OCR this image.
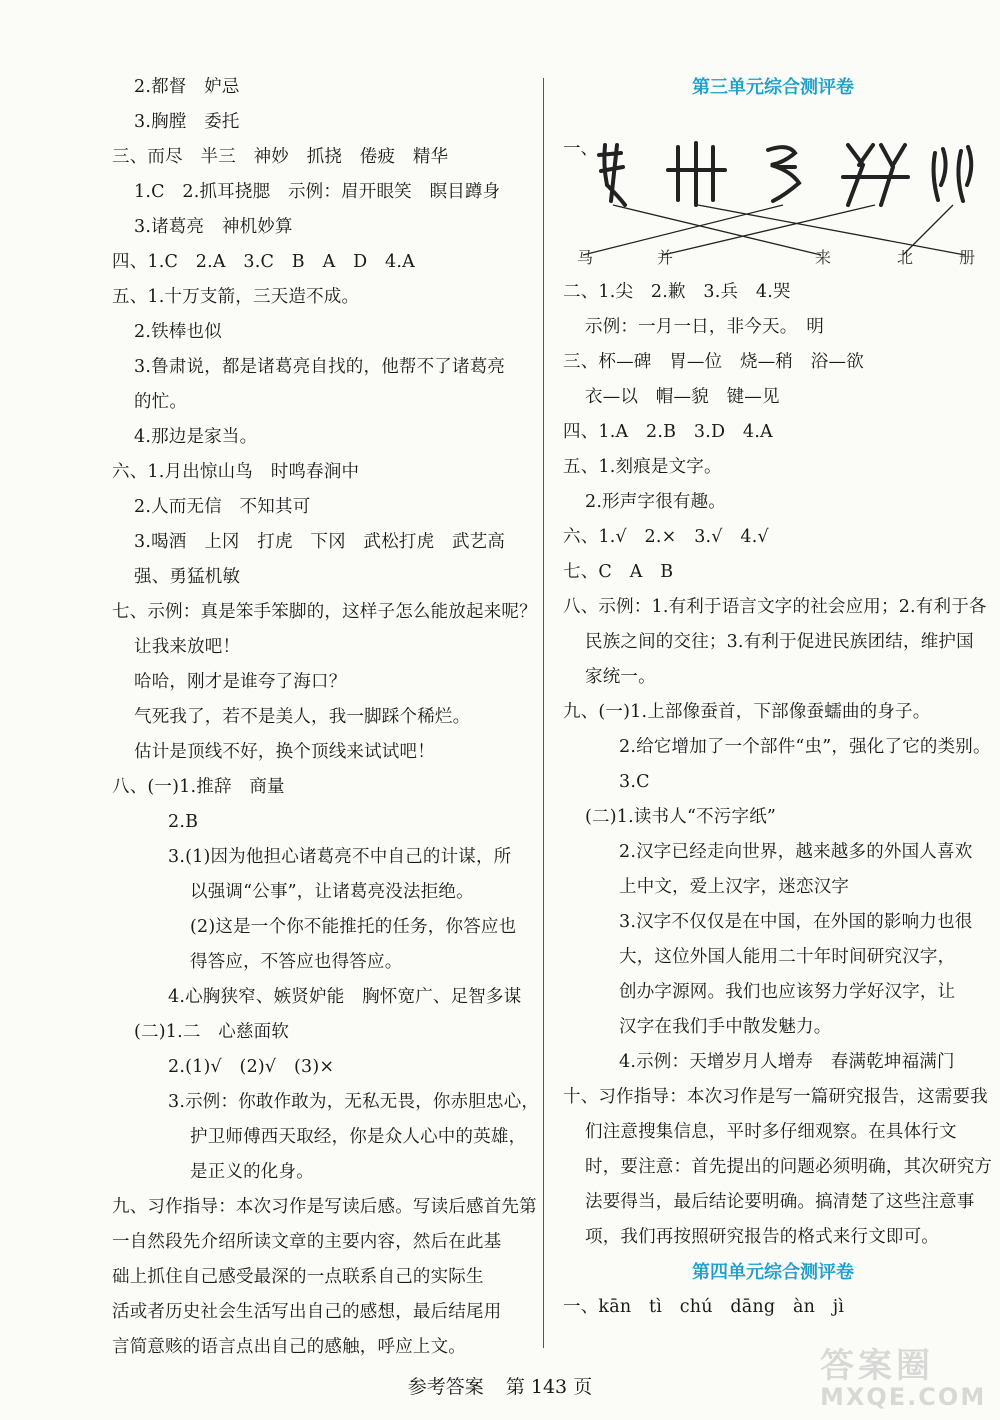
2.都督　妒忌
3.胸膛　委托
三、而尽　半三　神妙　抓挠　倦疲　精华
1.C　2.抓耳挠腮　示例：眉开眼笑　瞑目蹲身
3.诸葛亮　神机妙算
四、1.C　2.A　3.C　B　A　D　4.A
五、1.十万支箭，三天造不成。
2.铁棒也似
3.鲁肃说，都是诸葛亮自找的，他帮不了诸葛亮
的忙。
4.那边是家当。
六、1.月出惊山鸟　时鸣春涧中
2.人而无信　不知其可
3.喝酒　上冈　打虎　下冈　武松打虎　武艺高
强、勇猛机敏
七、示例：真是笨手笨脚的，这样子怎么能放起来呢？
让我来放吧！
哈哈，刚才是谁夸了海口？
气死我了，若不是美人，我一脚踩个稀烂。
估计是顶线不好，换个顶线来试试吧！
八、(一)1.推辞　商量
2.B
3.(1)因为他担心诸葛亮不中自己的计谋，所
以强调“公事”，让诸葛亮没法拒绝。
(2)这是一个你不能推托的任务，你答应也
得答应，不答应也得答应。
4.心胸狭窄、嫉贤妒能　胸怀宽广、足智多谋
(二)1.二　心慈面软
2.(1)√　(2)√　(3)×
3.示例：你敢作敢为，无私无畏，你赤胆忠心，
护卫师傅西天取经，你是众人心中的英雄，
是正义的化身。
九、习作指导：本次习作是写读后感。写读后感首先第
一自然段先介绍所读文章的主要内容，然后在此基
础上抓住自己感受最深的一点联系自己的实际生
活或者历史社会生活写出自己的感想，最后结尾用
言简意赅的语言点出自己的感触，呼应上文。
第三单元综合测评卷
一、
马	并	来	北	册
二、1.尖　2.歉　3.兵　4.哭
示例：一月一日，非今天。　明
三、杯—碑　胃—位　烧—稍　浴—欲
衣—以　帽—貌　键—见
四、1.A　2.B　3.D　4.A
五、1.刻痕是文字。
2.形声字很有趣。
六、1.√　2.×　3.√　4.√
七、C　A　B
八、示例：1.有利于语言文字的社会应用；2.有利于各
民族之间的交往；3.有利于促进民族团结，维护国
家统一。
九、(一)1.上部像蚕首，下部像蚕蠕曲的身子。
2.给它增加了一个部件“虫”，强化了它的类别。
3.C
(二)1.读书人“不污字纸”
2.汉字已经走向世界，越来越多的外国人喜欢
上中文，爱上汉字，迷恋汉字
3.汉字不仅仅是在中国，在外国的影响力也很
大，这位外国人能用二十年时间研究汉字，
创办字源网。我们也应该努力学好汉字，让
汉字在我们手中散发魅力。
4.示例：天增岁月人增寿　春满乾坤福满门
十、习作指导：本次习作是写一篇研究报告，这需要我
们注意搜集信息，平时多仔细观察。在具体行文
时，要注意：首先提出的问题必须明确，其次研究方
法要得当，最后结论要明确。搞清楚了这些注意事
项，我们再按照研究报告的格式来行文即可。
第四单元综合测评卷
一、kān　tì　chú　dāng　àn　jì
参考答案 第 143 页
答案圈
MXQE.COM
